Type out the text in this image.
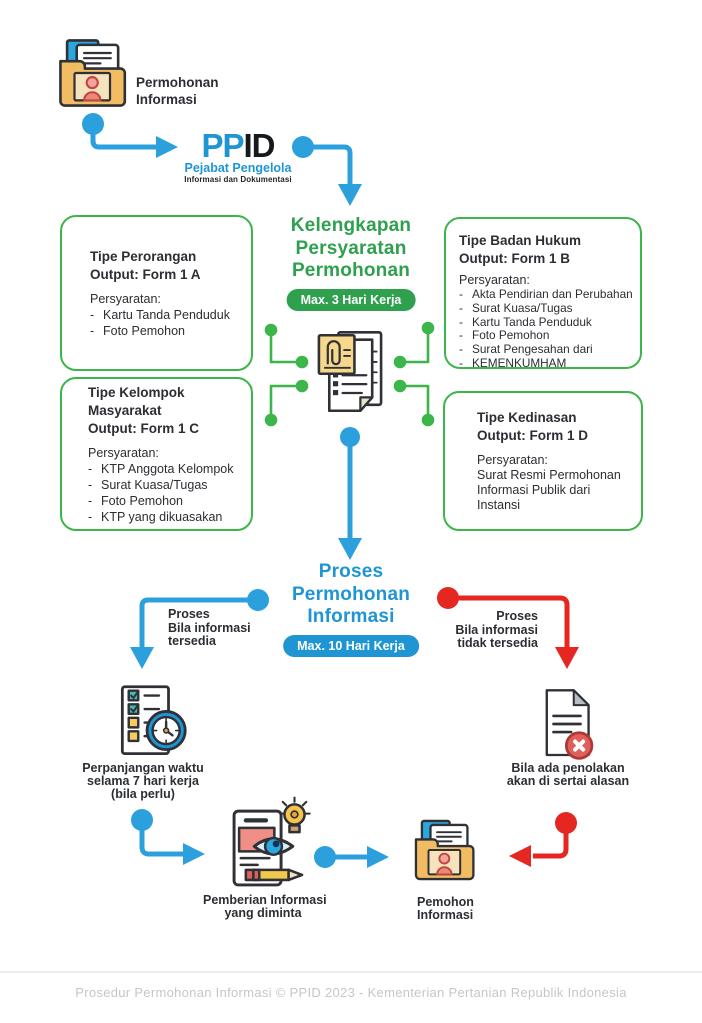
Permohonan
Informasi
PPID
Pejabat Pengelola
Informasi dan Dokumentasi
Kelengkapan
Persyaratan
Permohonan
Max. 3 Hari Kerja
Tipe Perorangan
Output: Form 1 A
Persyaratan:
- Kartu Tanda Penduduk
- Foto Pemohon
Tipe Badan Hukum
Output: Form 1 B
Persyaratan:
- Akta Pendirian dan Perubahan
- Surat Kuasa/Tugas
- Kartu Tanda Penduduk
- Foto Pemohon
- Surat Pengesahan dari
- KEMENKUMHAM
Tipe Kelompok
Masyarakat
Output: Form 1 C
Persyaratan:
- KTP Anggota Kelompok
- Surat Kuasa/Tugas
- Foto Pemohon
- KTP yang dikuasakan
Tipe Kedinasan
Output: Form 1 D
Persyaratan:
Surat Resmi Permohonan
Informasi Publik dari
Instansi
Proses
Permohonan
Informasi
Max. 10 Hari Kerja
Proses
Bila informasi
tersedia
Proses
Bila informasi
tidak tersedia
Perpanjangan waktu
selama 7 hari kerja
(bila perlu)
Bila ada penolakan
akan di sertai alasan
Pemberian Informasi
yang diminta
Pemohon
Informasi
Prosedur Permohonan Informasi © PPID 2023 - Kementerian Pertanian Republik Indonesia
